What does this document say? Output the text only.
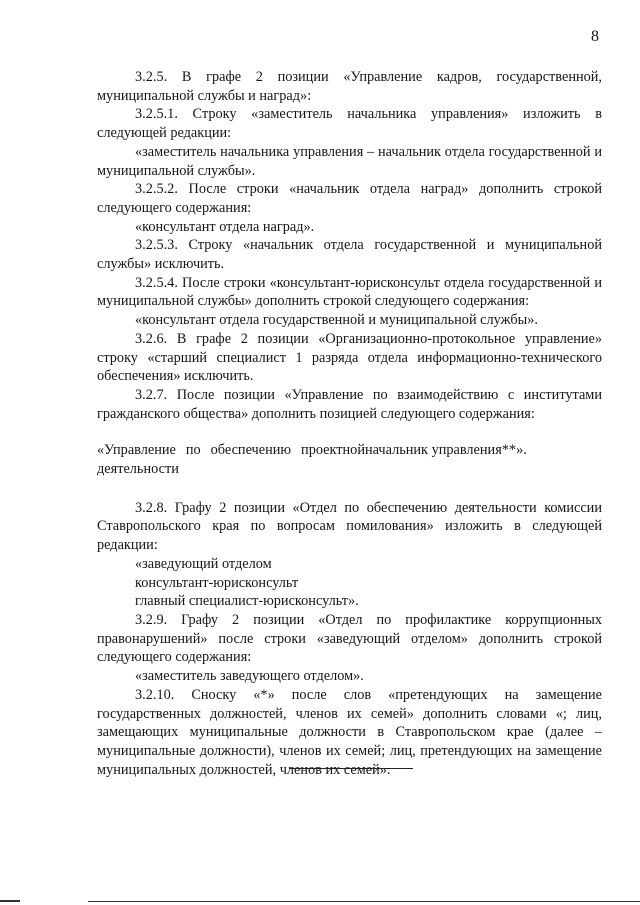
8

3.2.5. В графе 2 позиции «Управление кадров, государственной, муниципальной службы и наград»:

3.2.5.1. Строку «заместитель начальника управления» изложить в следующей редакции:

«заместитель начальника управления – начальник отдела государственной и муниципальной службы».

3.2.5.2. После строки «начальник отдела наград» дополнить строкой следующего содержания:

«консультант отдела наград».

3.2.5.3. Строку «начальник отдела государственной и муниципальной службы» исключить.

3.2.5.4. После строки «консультант-юрисконсульт отдела государственной и муниципальной службы» дополнить строкой следующего содержания:

«консультант отдела государственной и муниципальной службы».

3.2.6. В графе 2 позиции «Организационно-протокольное управление» строку «старший специалист 1 разряда отдела информационно-технического обеспечения» исключить.

3.2.7. После позиции «Управление по взаимодействию с институтами гражданского общества» дополнить позицией следующего содержания:

«Управление по обеспечению проектной деятельности	начальник управления**».

3.2.8. Графу 2 позиции «Отдел по обеспечению деятельности комиссии Ставропольского края по вопросам помилования» изложить в следующей редакции:

«заведующий отделом

консультант-юрисконсульт

главный специалист-юрисконсульт».

3.2.9. Графу 2 позиции «Отдел по профилактике коррупционных правонарушений» после строки «заведующий отделом» дополнить строкой следующего содержания:

«заместитель заведующего отделом».

3.2.10. Сноску «*» после слов «претендующих на замещение государственных должностей, членов их семей» дополнить словами «; лиц, замещающих муниципальные должности в Ставропольском крае (далее – муниципальные должности), членов их семей; лиц, претендующих на замещение муниципальных должностей, членов их семей».
